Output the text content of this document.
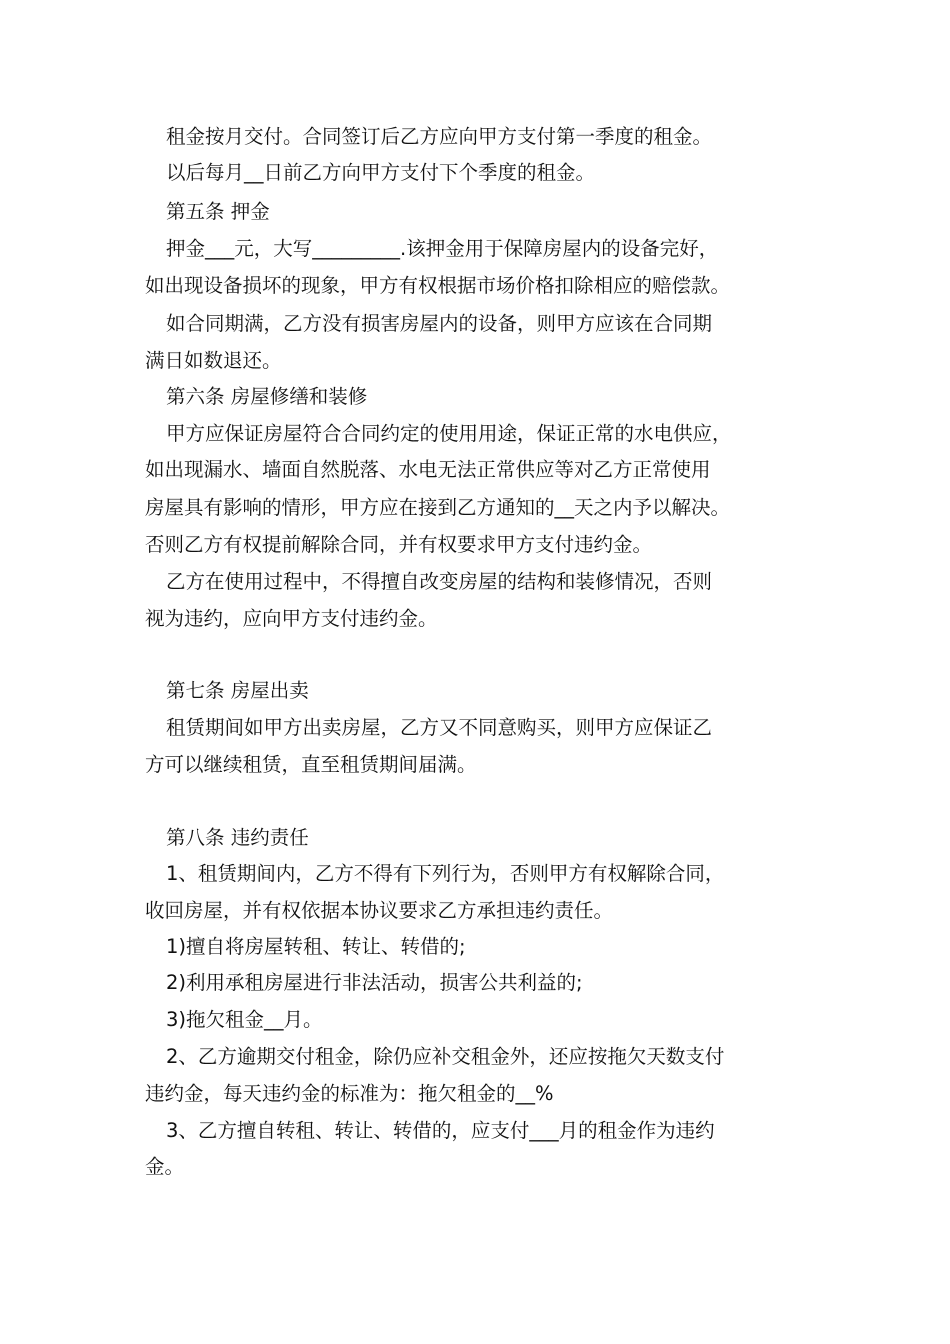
租金按月交付。合同签订后乙方应向甲方支付第一季度的租金。
以后每月__日前乙方向甲方支付下个季度的租金。
第五条 押金
押金___元，大写_________.该押金用于保障房屋内的设备完好，
如出现设备损坏的现象，甲方有权根据市场价格扣除相应的赔偿款。
如合同期满，乙方没有损害房屋内的设备，则甲方应该在合同期
满日如数退还。
第六条 房屋修缮和装修
甲方应保证房屋符合合同约定的使用用途，保证正常的水电供应，
如出现漏水、墙面自然脱落、水电无法正常供应等对乙方正常使用
房屋具有影响的情形，甲方应在接到乙方通知的__天之内予以解决。
否则乙方有权提前解除合同，并有权要求甲方支付违约金。
乙方在使用过程中，不得擅自改变房屋的结构和装修情况，否则
视为违约，应向甲方支付违约金。
第七条 房屋出卖
租赁期间如甲方出卖房屋，乙方又不同意购买，则甲方应保证乙
方可以继续租赁，直至租赁期间届满。
第八条 违约责任
1、租赁期间内，乙方不得有下列行为，否则甲方有权解除合同，
收回房屋，并有权依据本协议要求乙方承担违约责任。
1)擅自将房屋转租、转让、转借的;
2)利用承租房屋进行非法活动，损害公共利益的;
3)拖欠租金__月。
2、乙方逾期交付租金，除仍应补交租金外，还应按拖欠天数支付
违约金，每天违约金的标准为：拖欠租金的__%
3、乙方擅自转租、转让、转借的，应支付___月的租金作为违约
金。
